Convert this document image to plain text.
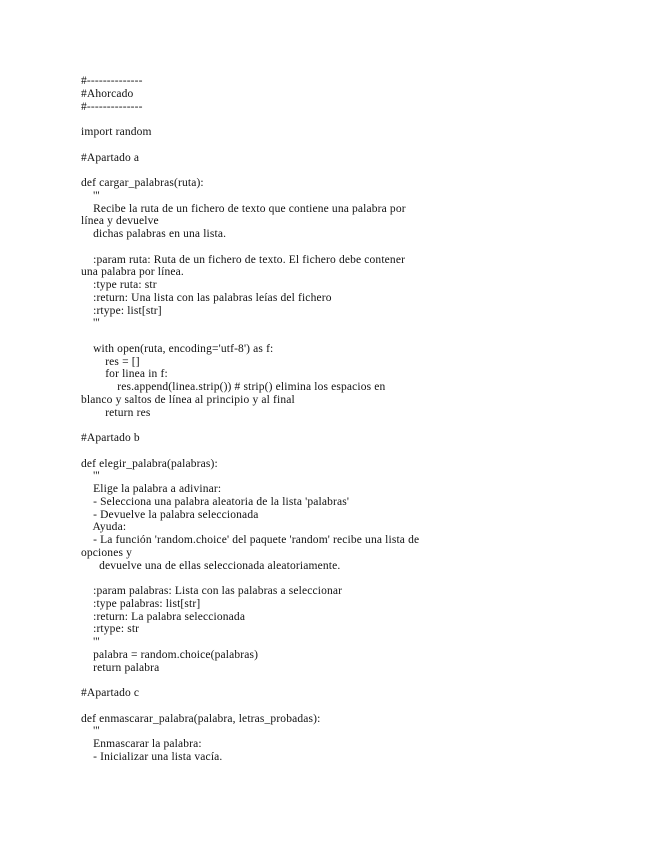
#--------------
#Ahorcado
#--------------
import random
#Apartado a
def cargar_palabras(ruta):
'''
Recibe la ruta de un fichero de texto que contiene una palabra por
línea y devuelve
dichas palabras en una lista.
:param ruta: Ruta de un fichero de texto. El fichero debe contener
una palabra por línea.
:type ruta: str
:return: Una lista con las palabras leías del fichero
:rtype: list[str]
'''
with open(ruta, encoding='utf-8') as f:
res = []
for linea in f:
res.append(linea.strip()) # strip() elimina los espacios en
blanco y saltos de línea al principio y al final
return res
#Apartado b
def elegir_palabra(palabras):
'''
Elige la palabra a adivinar:
- Selecciona una palabra aleatoria de la lista 'palabras'
- Devuelve la palabra seleccionada
Ayuda:
- La función 'random.choice' del paquete 'random' recibe una lista de
opciones y
devuelve una de ellas seleccionada aleatoriamente.
:param palabras: Lista con las palabras a seleccionar
:type palabras: list[str]
:return: La palabra seleccionada
:rtype: str
'''
palabra = random.choice(palabras)
return palabra
#Apartado c
def enmascarar_palabra(palabra, letras_probadas):
'''
Enmascarar la palabra:
- Inicializar una lista vacía.
